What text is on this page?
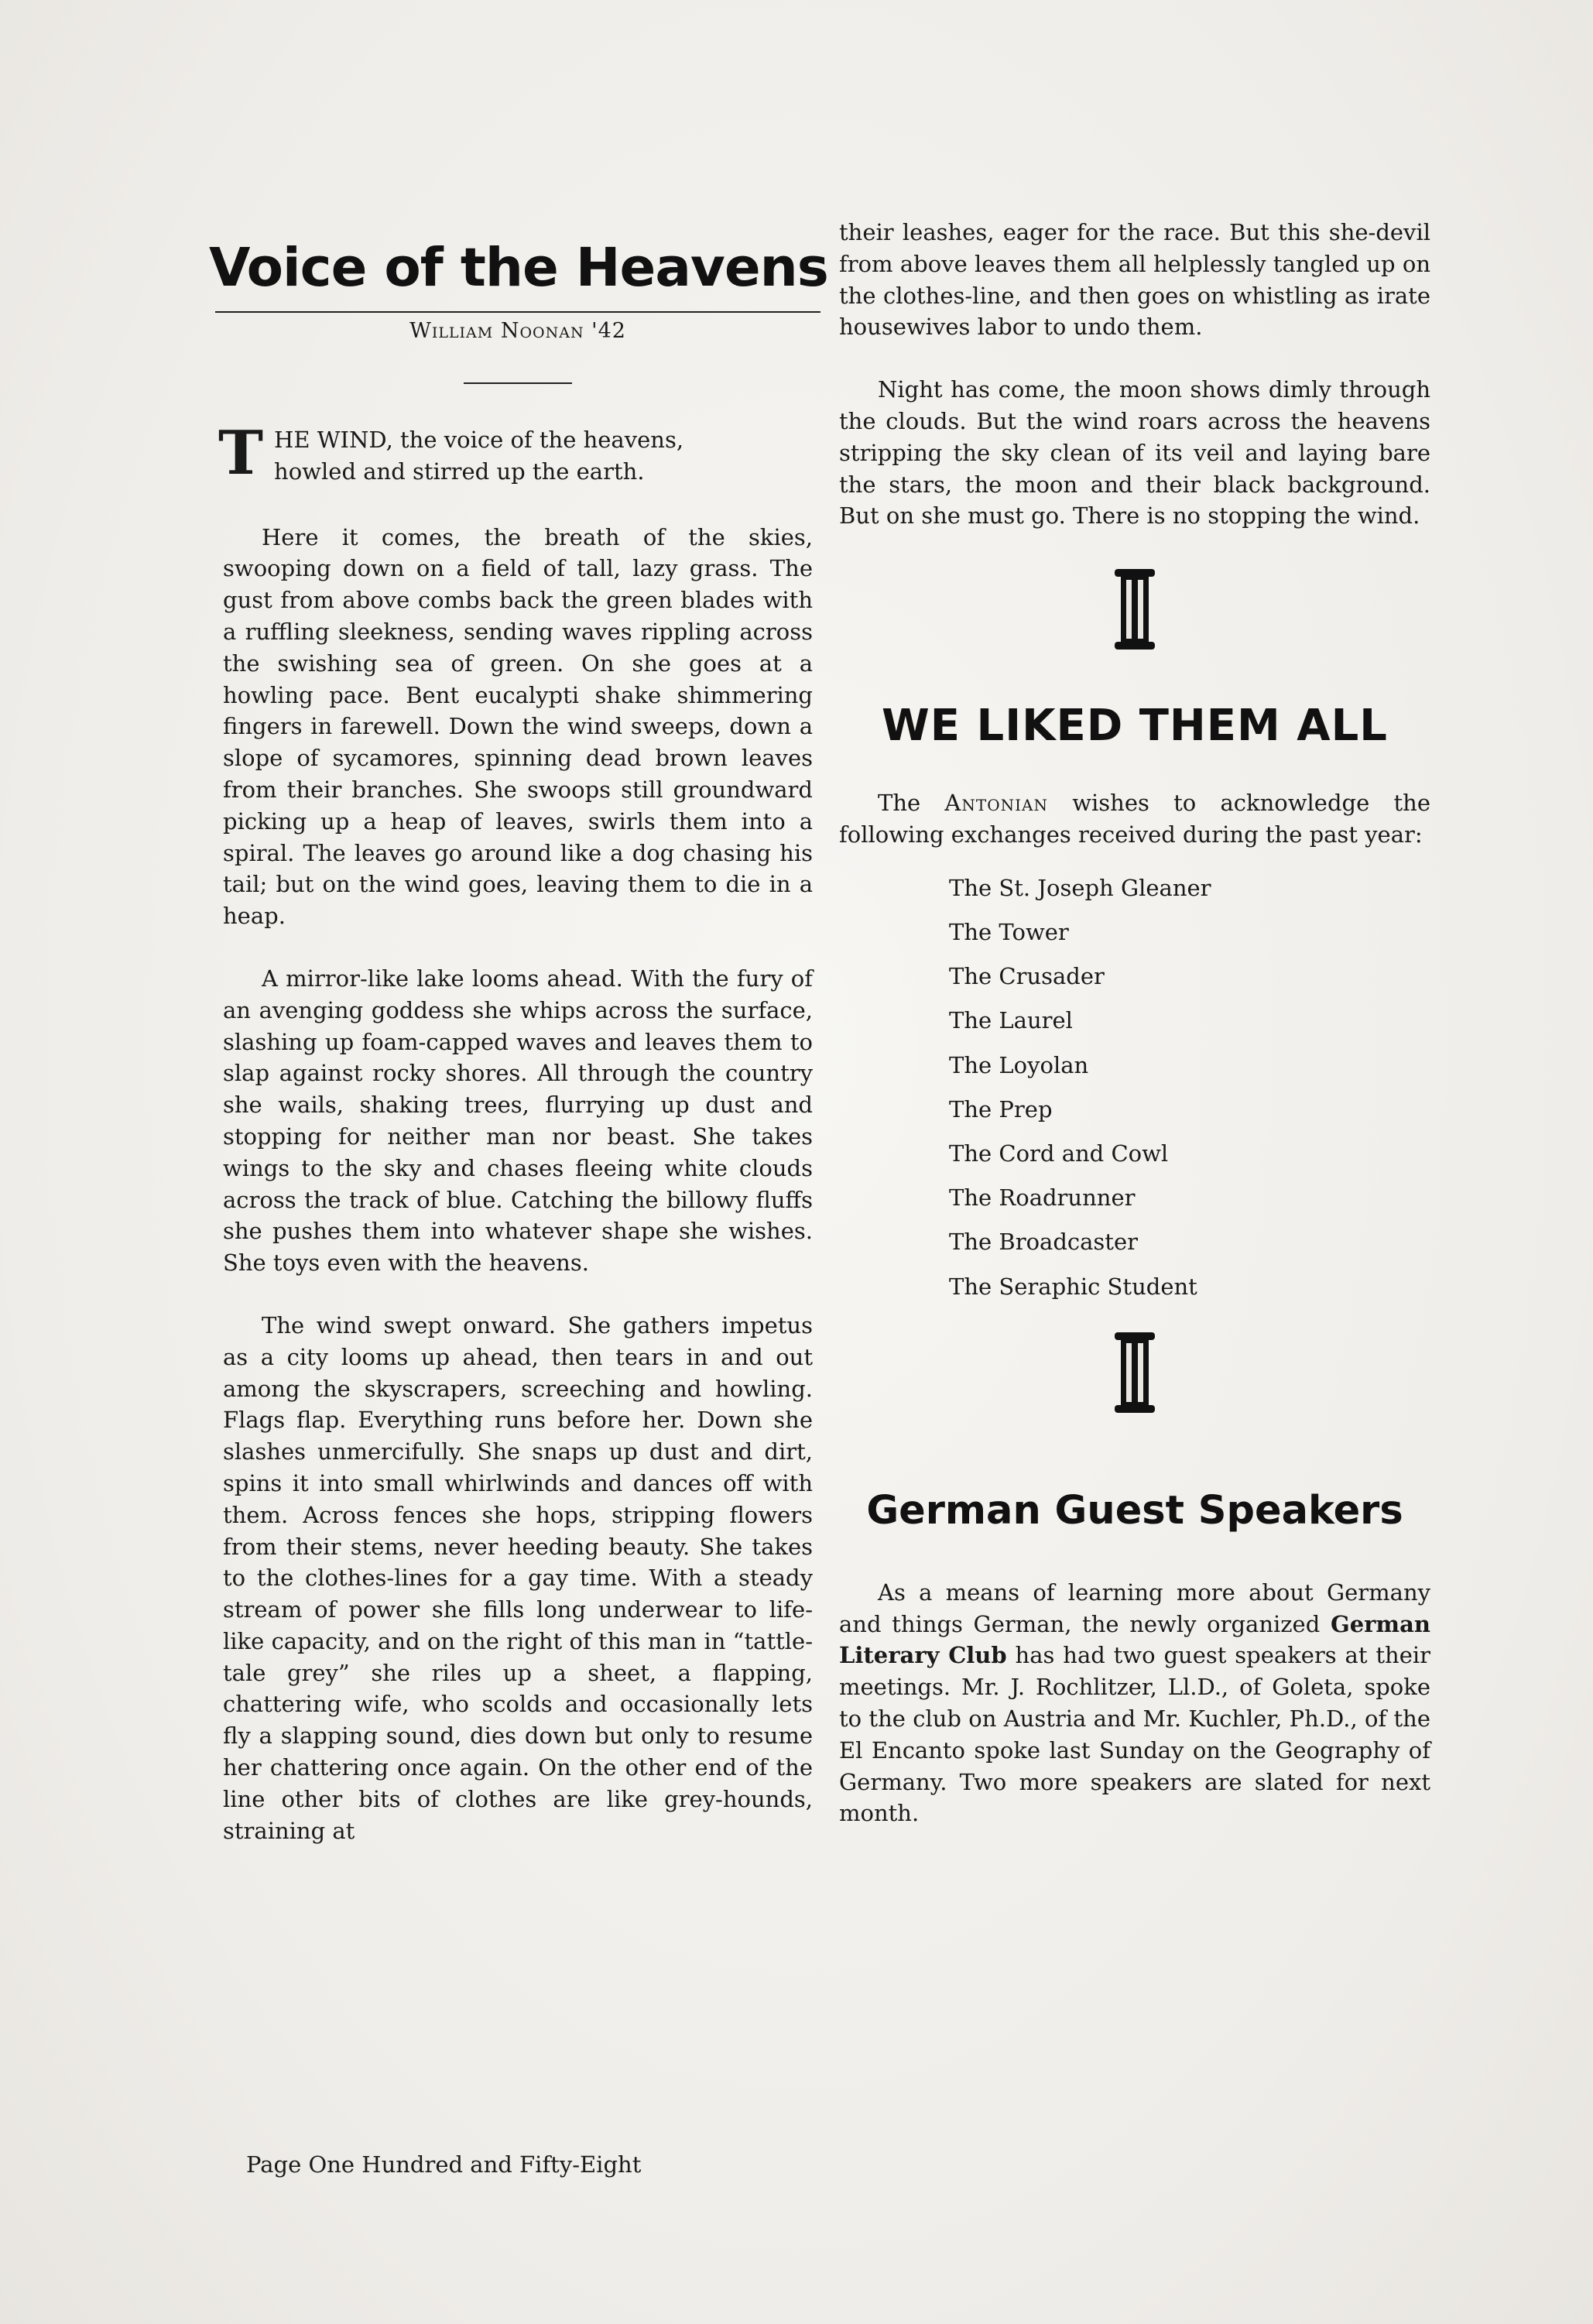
Voice of the Heavens
William Noonan '42

T HE WIND, the voice of the heavens,
howled and stirred up the earth.

Here it comes, the breath of the skies, swooping down on a field of tall, lazy grass. The gust from above combs back the green blades with a ruffling sleekness, sending waves rippling across the swishing sea of green. On she goes at a howling pace. Bent eucalypti shake shimmering fingers in farewell. Down the wind sweeps, down a slope of sycamores, spinning dead brown leaves from their branches. She swoops still groundward picking up a heap of leaves, swirls them into a spiral. The leaves go around like a dog chasing his tail; but on the wind goes, leaving them to die in a heap.

A mirror-like lake looms ahead. With the fury of an avenging goddess she whips across the surface, slashing up foam-capped waves and leaves them to slap against rocky shores. All through the country she wails, shaking trees, flurrying up dust and stopping for neither man nor beast. She takes wings to the sky and chases fleeing white clouds across the track of blue. Catching the billowy fluffs she pushes them into whatever shape she wishes. She toys even with the heavens.

The wind swept onward. She gathers impetus as a city looms up ahead, then tears in and out among the skyscrapers, screeching and howling. Flags flap. Everything runs before her. Down she slashes unmercifully. She snaps up dust and dirt, spins it into small whirlwinds and dances off with them. Across fences she hops, stripping flowers from their stems, never heeding beauty. She takes to the clothes-lines for a gay time. With a steady stream of power she fills long underwear to life-like capacity, and on the right of this man in “tattle-tale grey” she riles up a sheet, a flapping, chattering wife, who scolds and occasionally lets fly a slapping sound, dies down but only to resume her chattering once again. On the other end of the line other bits of clothes are like grey-hounds, straining at

their leashes, eager for the race. But this she-devil from above leaves them all helplessly tangled up on the clothes-line, and then goes on whistling as irate housewives labor to undo them.

Night has come, the moon shows dimly through the clouds. But the wind roars across the heavens stripping the sky clean of its veil and laying bare the stars, the moon and their black background. But on she must go. There is no stopping the wind.

WE LIKED THEM ALL

The Antonian wishes to acknowledge the following exchanges received during the past year:

The St. Joseph Gleaner
The Tower
The Crusader
The Laurel
The Loyolan
The Prep
The Cord and Cowl
The Roadrunner
The Broadcaster
The Seraphic Student
German Guest Speakers

As a means of learning more about Germany and things German, the newly organized German Literary Club has had two guest speakers at their meetings. Mr. J. Rochlitzer, Ll.D., of Goleta, spoke to the club on Austria and Mr. Kuchler, Ph.D., of the El Encanto spoke last Sunday on the Geography of Germany. Two more speakers are slated for next month.

Page One Hundred and Fifty-Eight
